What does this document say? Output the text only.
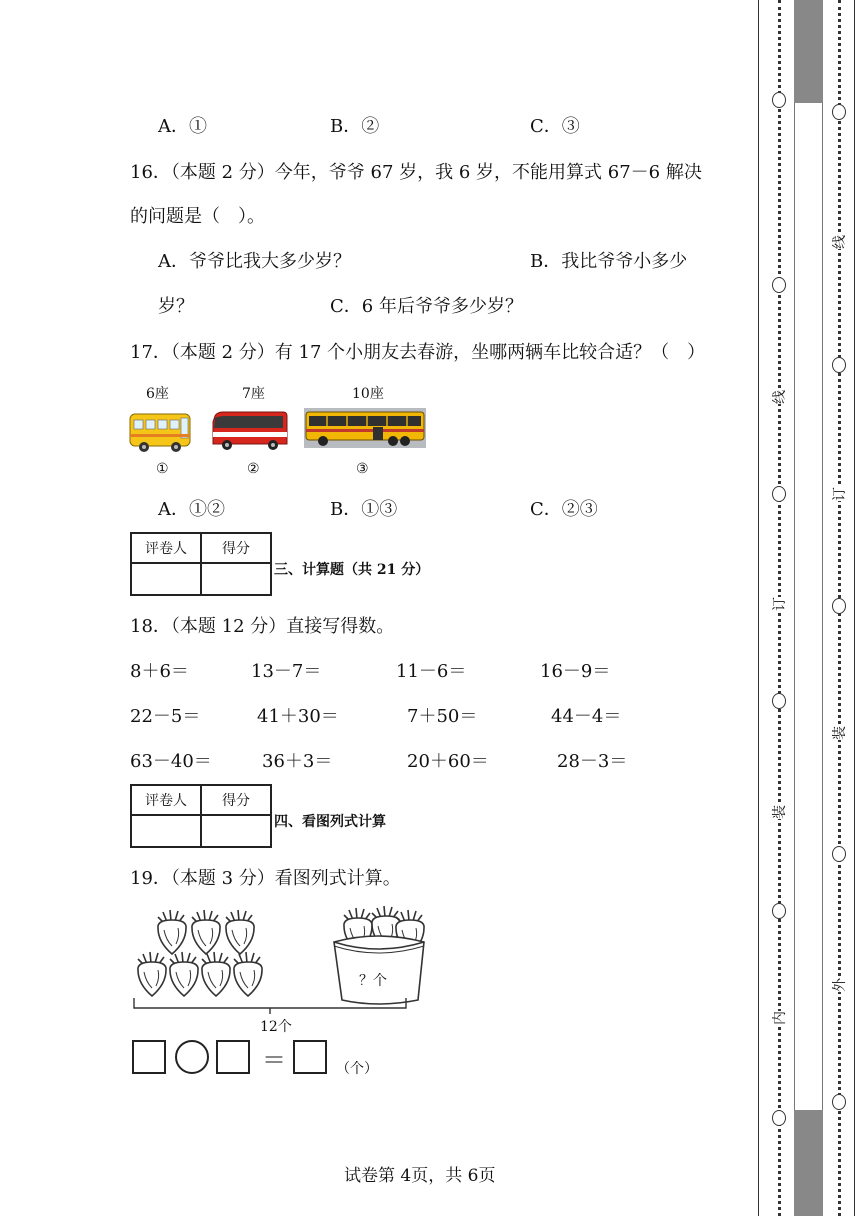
A．①	B．②	C．③
16．（本题 2 分）今年，爷爷 67 岁，我 6 岁，不能用算式 67－6 解决
的问题是（　）。
A．爷爷比我大多少岁？	B．我比爷爷小多少
岁？	C．6 年后爷爷多少岁？
17．（本题 2 分）有 17 个小朋友去春游，坐哪两辆车比较合适？（　）
6座	7座	10座
①	②	③
A．①②	B．①③	C．②③
评卷人	得分

三、计算题（共 21 分）
18．（本题 12 分）直接写得数。
8＋6＝	13－7＝	11－6＝	16－9＝
22－5＝	41＋30＝	7＋50＝	44－4＝
63－40＝	36＋3＝	20＋60＝	28－3＝
评卷人	得分

四、看图列式计算
19．（本题 3 分）看图列式计算。
？个
12个
＝	（个）
试卷第 4页，共 6页
线
订
装
内
线
订
装
外
